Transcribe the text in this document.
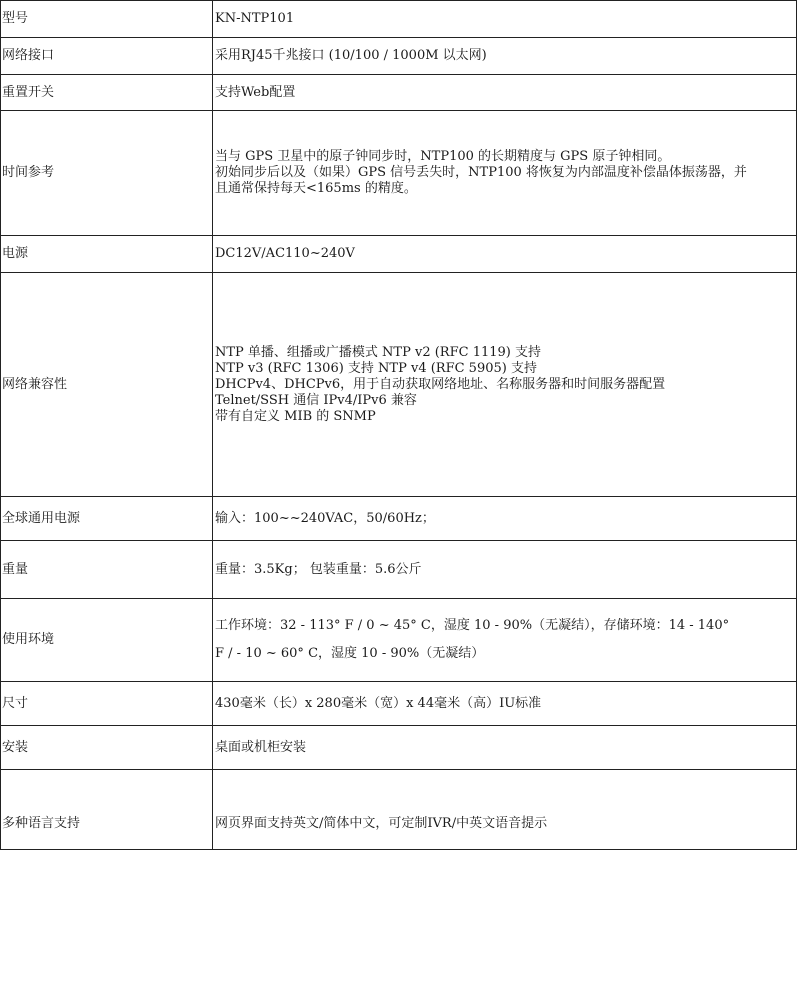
型号	KN-NTP101

网络接口	采用RJ45千兆接口 (10/100 / 1000M 以太网)

重置开关	支持Web配置

时间参考	当与 GPS 卫星中的原子钟同步时，NTP100 的长期精度与 GPS 原子钟相同。
初始同步后以及（如果）GPS 信号丢失时，NTP100 将恢复为内部温度补偿晶体振荡器，并
且通常保持每天<165ms 的精度。

电源	DC12V/AC110~240V

网络兼容性	NTP 单播、组播或广播模式 NTP v2 (RFC 1119) 支持
NTP v3 (RFC 1306) 支持 NTP v4 (RFC 5905) 支持
DHCPv4、DHCPv6，用于自动获取网络地址、名称服务器和时间服务器配置
Telnet/SSH 通信 IPv4/IPv6 兼容
带有自定义 MIB 的 SNMP

全球通用电源	输入：100~~240VAC，50/60Hz；

重量	重量：3.5Kg； 包装重量：5.6公斤

使用环境	工作环境：32 - 113° F / 0 ~ 45° C，湿度 10 - 90%（无凝结），存储环境：14 - 140°
F / - 10 ~ 60° C，湿度 10 - 90%（无凝结）

尺寸	430毫米（长）x 280毫米（宽）x 44毫米（高）IU标准

安装	桌面或机柜安装

多种语言支持	网页界面支持英文/简体中文，可定制IVR/中英文语音提示
